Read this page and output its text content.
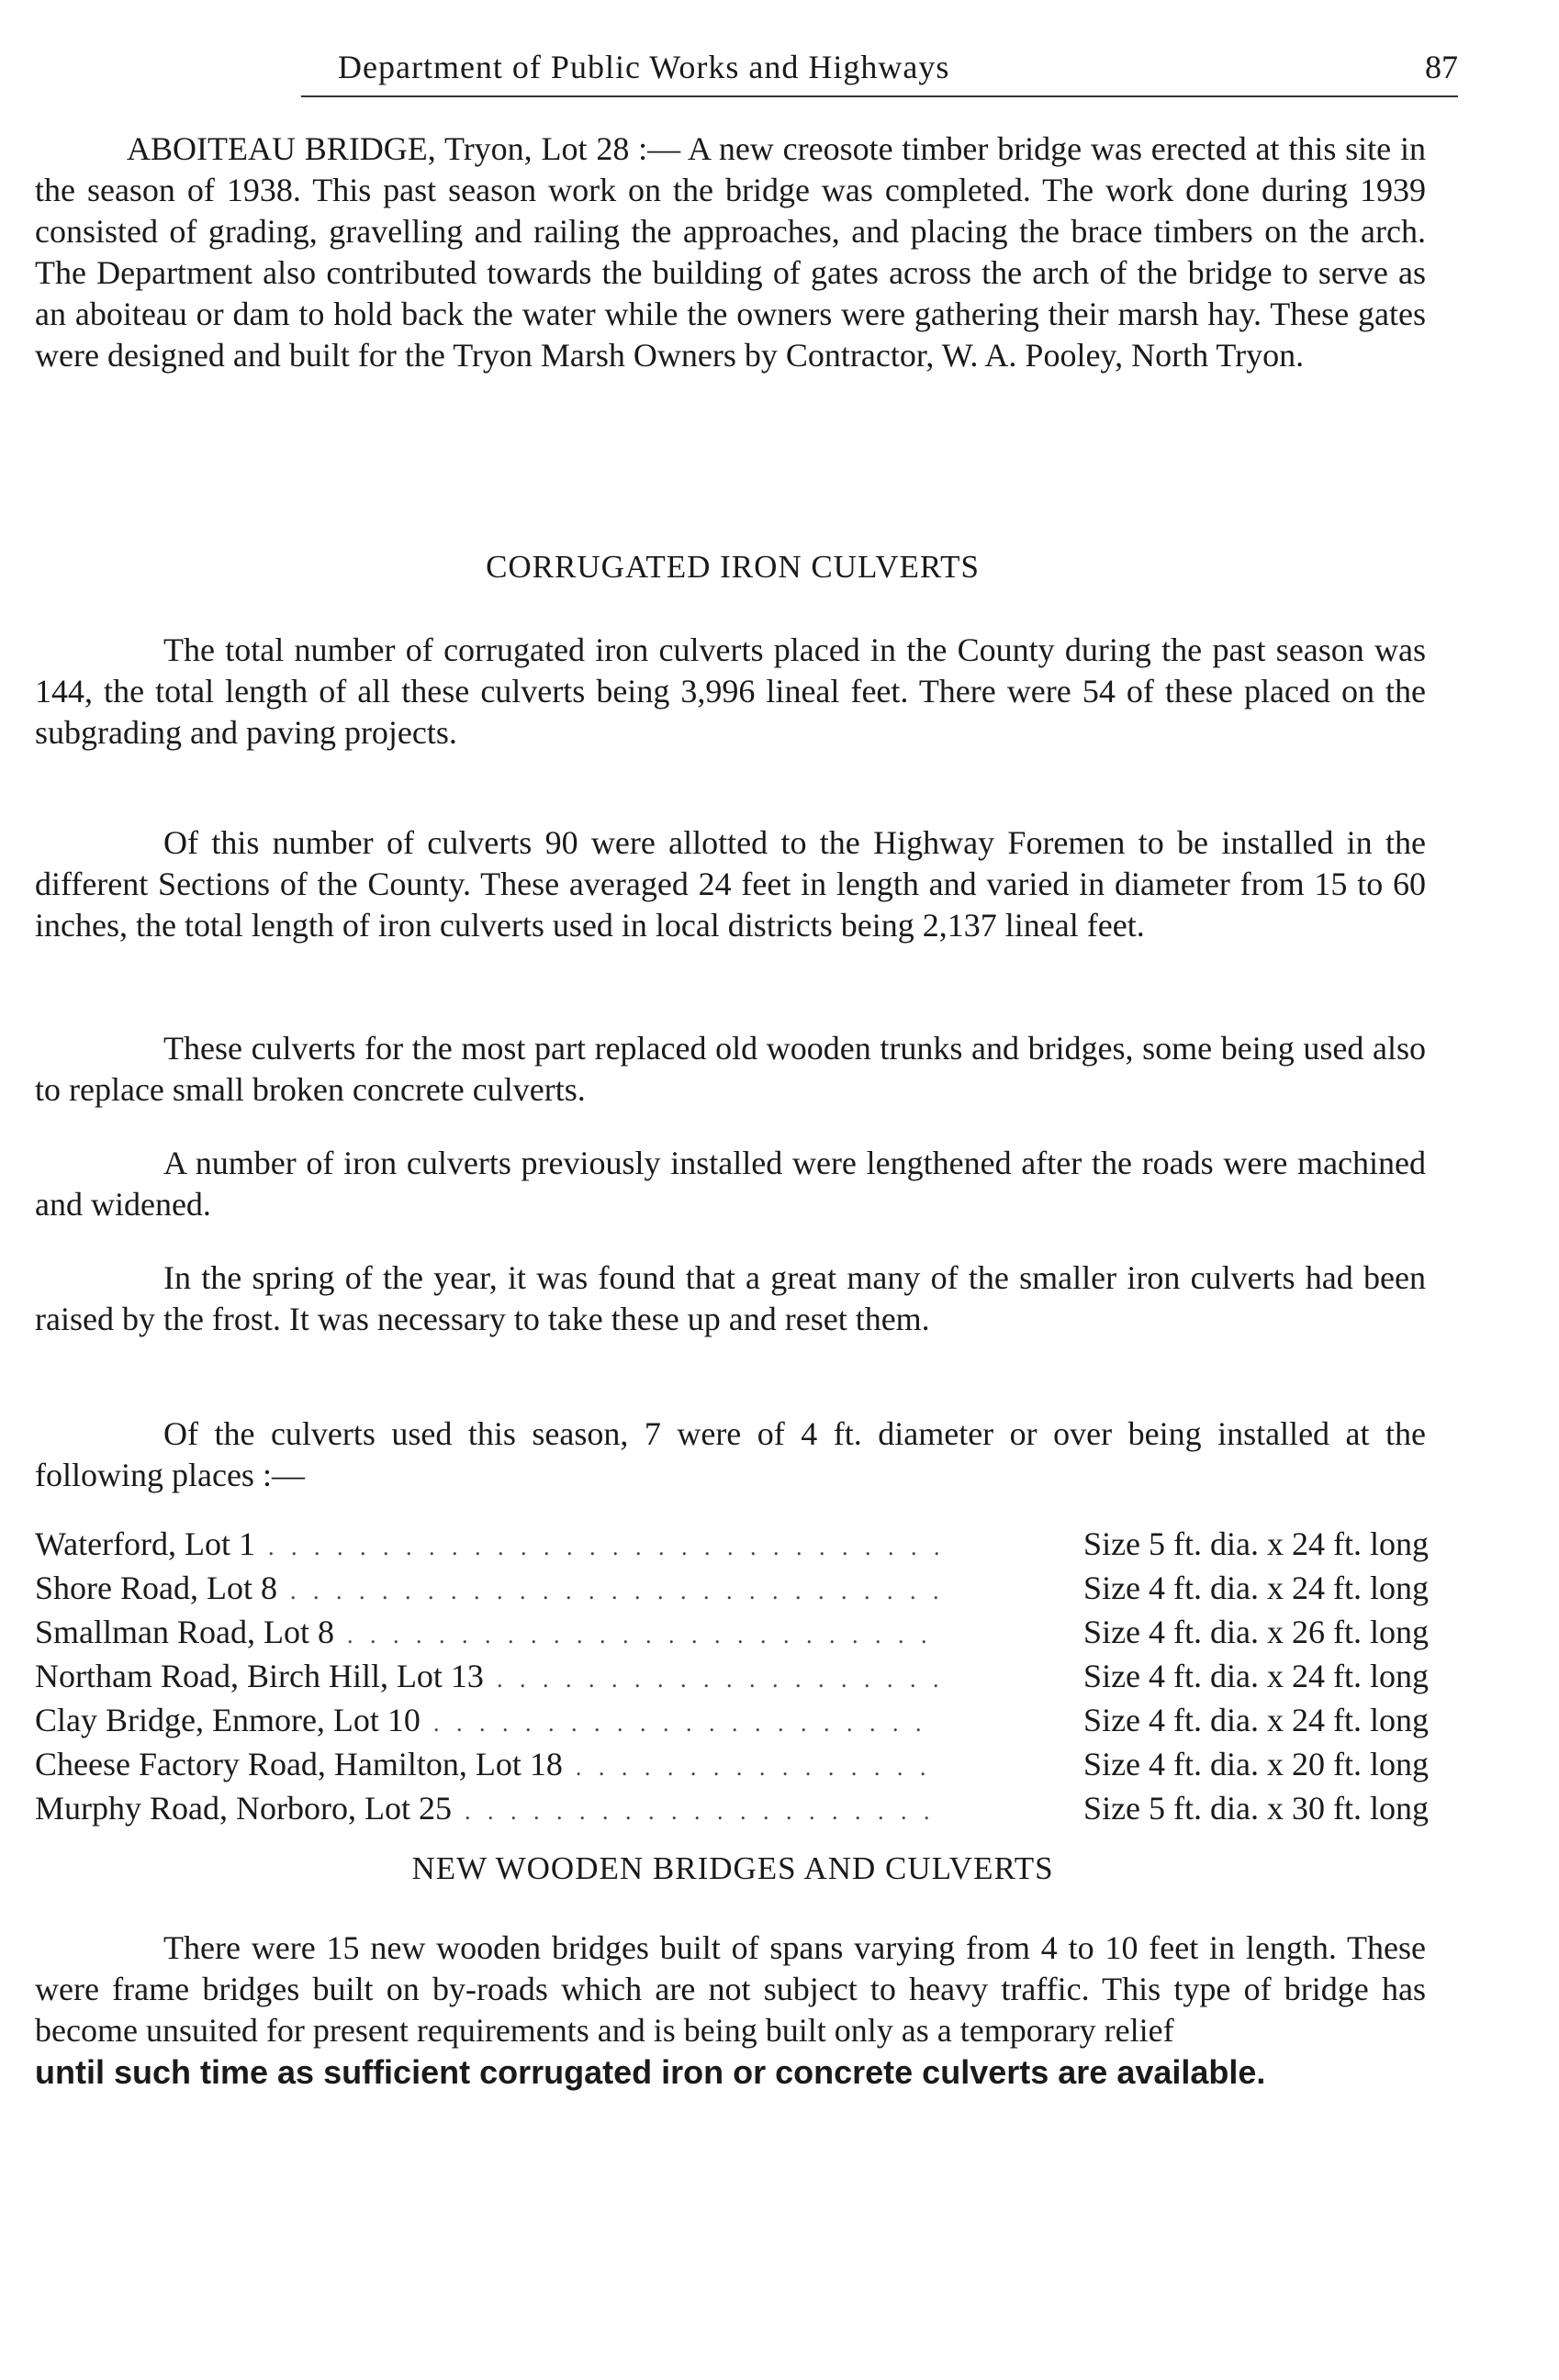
Department of Public Works and Highways	87

ABOITEAU BRIDGE, Tryon, Lot 28 :— A new creosote timber bridge was erected at this site in the season of 1938. This past season work on the bridge was completed. The work done during 1939 consisted of grading, gravelling and railing the approaches, and placing the brace timbers on the arch. The Department also contributed towards the building of gates across the arch of the bridge to serve as an aboiteau or dam to hold back the water while the owners were gathering their marsh hay. These gates were designed and built for the Tryon Marsh Owners by Contractor, W. A. Pooley, North Tryon.

CORRUGATED IRON CULVERTS

The total number of corrugated iron culverts placed in the County during the past season was 144, the total length of all these culverts being 3,996 lineal feet. There were 54 of these placed on the subgrading and paving projects.

Of this number of culverts 90 were allotted to the Highway Foremen to be installed in the different Sections of the County. These averaged 24 feet in length and varied in diameter from 15 to 60 inches, the total length of iron culverts used in local districts being 2,137 lineal feet.

These culverts for the most part replaced old wooden trunks and bridges, some being used also to replace small broken concrete culverts.

A number of iron culverts previously installed were lengthened after the roads were machined and widened.

In the spring of the year, it was found that a great many of the smaller iron culverts had been raised by the frost. It was necessary to take these up and reset them.

Of the culverts used this season, 7 were of 4 ft. diameter or over being installed at the following places :—

Waterford, Lot 1 . . .	Size 5 ft. dia. x 24 ft. long
Shore Road, Lot 8 . . .	Size 4 ft. dia. x 24 ft. long
Smallman Road, Lot 8 . . .	Size 4 ft. dia. x 26 ft. long
Northam Road, Birch Hill, Lot 13 . . .	Size 4 ft. dia. x 24 ft. long
Clay Bridge, Enmore, Lot 10 . . .	Size 4 ft. dia. x 24 ft. long
Cheese Factory Road, Hamilton, Lot 18 . . .	Size 4 ft. dia. x 20 ft. long
Murphy Road, Norboro, Lot 25 . . .	Size 5 ft. dia. x 30 ft. long
NEW WOODEN BRIDGES AND CULVERTS

There were 15 new wooden bridges built of spans varying from 4 to 10 feet in length. These were frame bridges built on by-roads which are not subject to heavy traffic. This type of bridge has become unsuited for present requirements and is being built only as a temporary relief

until such time as sufficient corrugated iron or concrete culverts are available.
